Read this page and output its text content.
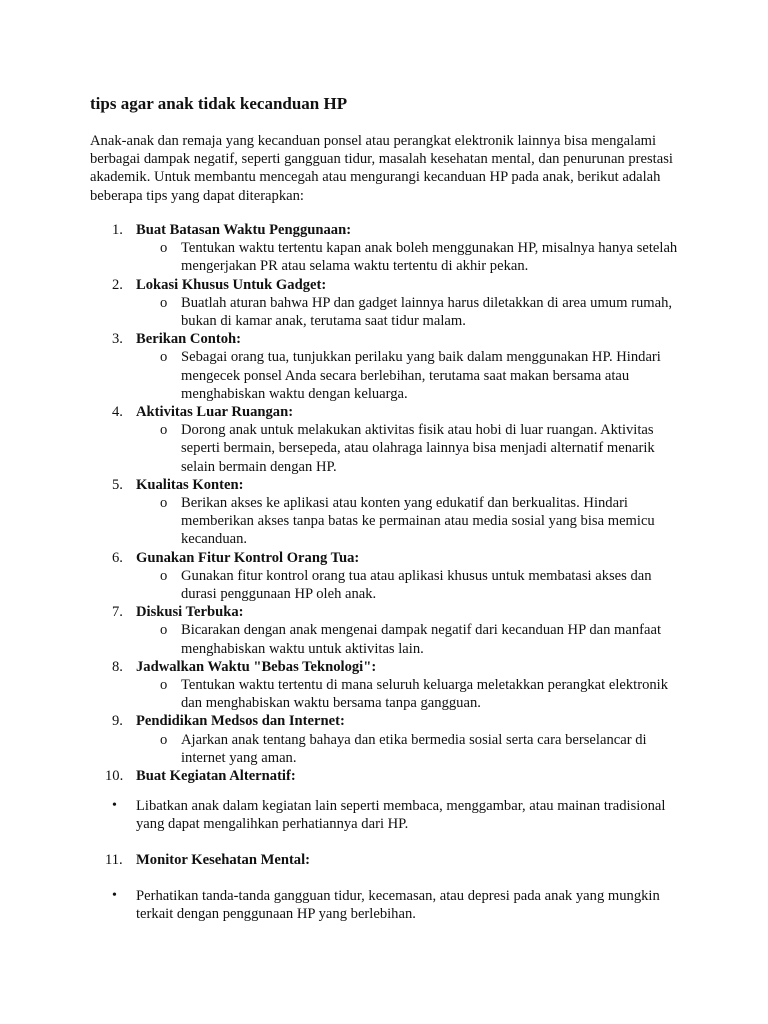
tips agar anak tidak kecanduan HP

Anak-anak dan remaja yang kecanduan ponsel atau perangkat elektronik lainnya bisa mengalami berbagai dampak negatif, seperti gangguan tidur, masalah kesehatan mental, dan penurunan prestasi akademik. Untuk membantu mencegah atau mengurangi kecanduan HP pada anak, berikut adalah beberapa tips yang dapat diterapkan:

1. Buat Batasan Waktu Penggunaan:
o Tentukan waktu tertentu kapan anak boleh menggunakan HP, misalnya hanya setelah mengerjakan PR atau selama waktu tertentu di akhir pekan.
2. Lokasi Khusus Untuk Gadget:
o Buatlah aturan bahwa HP dan gadget lainnya harus diletakkan di area umum rumah, bukan di kamar anak, terutama saat tidur malam.
3. Berikan Contoh:
o Sebagai orang tua, tunjukkan perilaku yang baik dalam menggunakan HP. Hindari mengecek ponsel Anda secara berlebihan, terutama saat makan bersama atau menghabiskan waktu dengan keluarga.
4. Aktivitas Luar Ruangan:
o Dorong anak untuk melakukan aktivitas fisik atau hobi di luar ruangan. Aktivitas seperti bermain, bersepeda, atau olahraga lainnya bisa menjadi alternatif menarik selain bermain dengan HP.
5. Kualitas Konten:
o Berikan akses ke aplikasi atau konten yang edukatif dan berkualitas. Hindari memberikan akses tanpa batas ke permainan atau media sosial yang bisa memicu kecanduan.
6. Gunakan Fitur Kontrol Orang Tua:
o Gunakan fitur kontrol orang tua atau aplikasi khusus untuk membatasi akses dan durasi penggunaan HP oleh anak.
7. Diskusi Terbuka:
o Bicarakan dengan anak mengenai dampak negatif dari kecanduan HP dan manfaat menghabiskan waktu untuk aktivitas lain.
8. Jadwalkan Waktu "Bebas Teknologi":
o Tentukan waktu tertentu di mana seluruh keluarga meletakkan perangkat elektronik dan menghabiskan waktu bersama tanpa gangguan.
9. Pendidikan Medsos dan Internet:
o Ajarkan anak tentang bahaya dan etika bermedia sosial serta cara berselancar di internet yang aman.
10. Buat Kegiatan Alternatif:
• Libatkan anak dalam kegiatan lain seperti membaca, menggambar, atau mainan tradisional yang dapat mengalihkan perhatiannya dari HP.
11. Monitor Kesehatan Mental:
• Perhatikan tanda-tanda gangguan tidur, kecemasan, atau depresi pada anak yang mungkin terkait dengan penggunaan HP yang berlebihan.
